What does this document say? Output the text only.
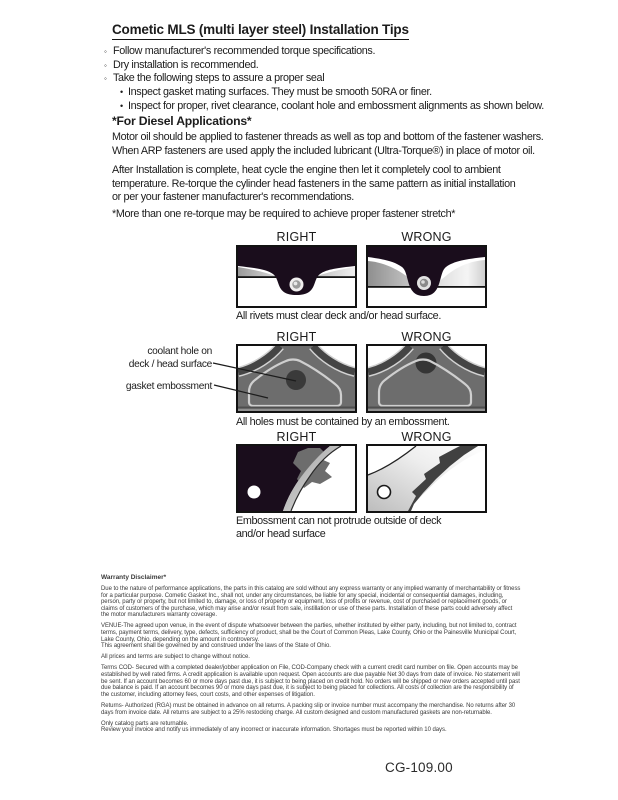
Cometic MLS (multi layer steel) Installation Tips
◦ Follow manufacturer's recommended torque specifications.
◦ Dry installation is recommended.
◦ Take the following steps to assure a proper seal
• Inspect gasket mating surfaces. They must be smooth 50RA or finer.
• Inspect for proper, rivet clearance, coolant hole and embossment alignments as shown below.
*For Diesel Applications*
Motor oil should be applied to fastener threads as well as top and bottom of the fastener washers.
When ARP fasteners are used apply the included lubricant (Ultra-Torque®) in place of motor oil.
After Installation is complete, heat cycle the engine then let it completely cool to ambient
temperature. Re-torque the cylinder head fasteners in the same pattern as initial installation
or per your fastener manufacturer's recommendations.
*More than one re-torque may be required to achieve proper fastener stretch*
RIGHT	WRONG
All rivets must clear deck and/or head surface.
RIGHT	WRONG
coolant hole on
deck / head surface
gasket embossment
All holes must be contained by an embossment.
RIGHT	WRONG
Embossment can not protrude outside of deck
and/or head surface
Warranty Disclaimer*

Due to the nature of performance applications, the parts in this catalog are sold without any express warranty or any implied warranty of merchantability or fitness for a particular purpose. Cometic Gasket Inc., shall not, under any circumstances, be liable for any special, incidental or consequential damages, including, person, party or property, but not limited to, damage, or loss of property or equipment, loss of profits or revenue, cost of purchased or replacement goods, or claims of customers of the purchase, which may arise and/or result from sale, instillation or use of these parts. Installation of these parts could adversely affect the motor manufacturers warranty coverage.

VENUE-The agreed upon venue, in the event of dispute whatsoever between the parties, whether instituted by either party, including, but not limited to, contract terms, payment terms, delivery, type, defects, sufficiency of product, shall be the Court of Common Pleas, Lake County, Ohio or the Painesville Municipal Court, Lake County, Ohio, depending on the amount in controversy.

This agreement shall be governed by and construed under the laws of the State of Ohio.

All prices and terms are subject to change without notice.

Terms COD- Secured with a completed dealer/jobber application on File, COD-Company check with a current credit card number on file. Open accounts may be established by well rated firms. A credit application is available upon request. Open accounts are due payable Net 30 days from date of invoice. No statement will be sent. If an account becomes 60 or more days past due, it is subject to being placed on credit hold. No orders will be shipped or new orders accepted until past due balance is paid. If an account becomes 90 or more days past due, it is subject to being placed for collections. All costs of collection are the responsibility of the customer, including attorney fees, court costs, and other expenses of litigation.

Returns- Authorized (RGA) must be obtained in advance on all returns. A packing slip or invoice number must accompany the merchandise. No returns after 30 days from invoice date. All returns are subject to a 25% restocking charge. All custom designed and custom manufactured gaskets are non-returnable.

Only catalog parts are returnable.

Review your invoice and notify us immediately of any incorrect or inaccurate information. Shortages must be reported within 10 days.

CG-109.00
